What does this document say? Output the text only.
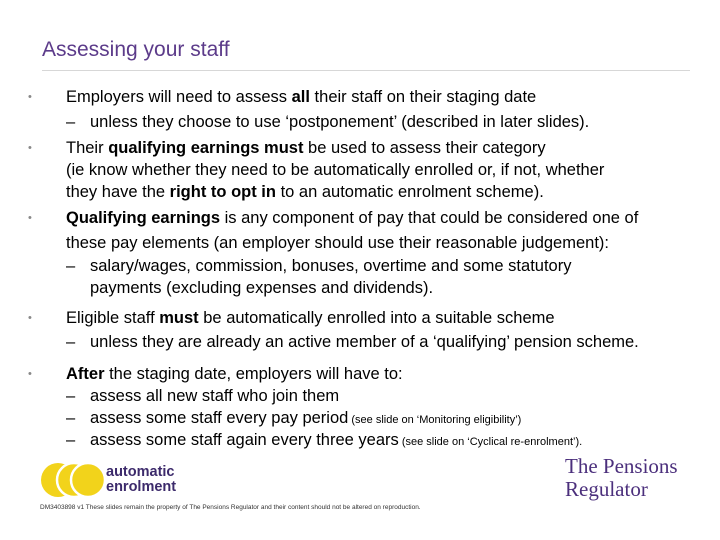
Assessing your staff
• Employers will need to assess all their staff on their staging date
– unless they choose to use ‘postponement’ (described in later slides).
• Their qualifying earnings must be used to assess their category
(ie know whether they need to be automatically enrolled or, if not, whether
they have the right to opt in to an automatic enrolment scheme).
• Qualifying earnings is any component of pay that could be considered one of
these pay elements (an employer should use their reasonable judgement):
– salary/wages, commission, bonuses, overtime and some statutory
payments (excluding expenses and dividends).
• Eligible staff must be automatically enrolled into a suitable scheme
– unless they are already an active member of a ‘qualifying’ pension scheme.
• After the staging date, employers will have to:
– assess all new staff who join them
– assess some staff every pay period (see slide on ‘Monitoring eligibility’)
– assess some staff again every three years (see slide on ‘Cyclical re-enrolment’).
automatic
enrolment
The Pensions
Regulator
DM3403898 v1 These slides remain the property of The Pensions Regulator and their content should not be altered on reproduction.
